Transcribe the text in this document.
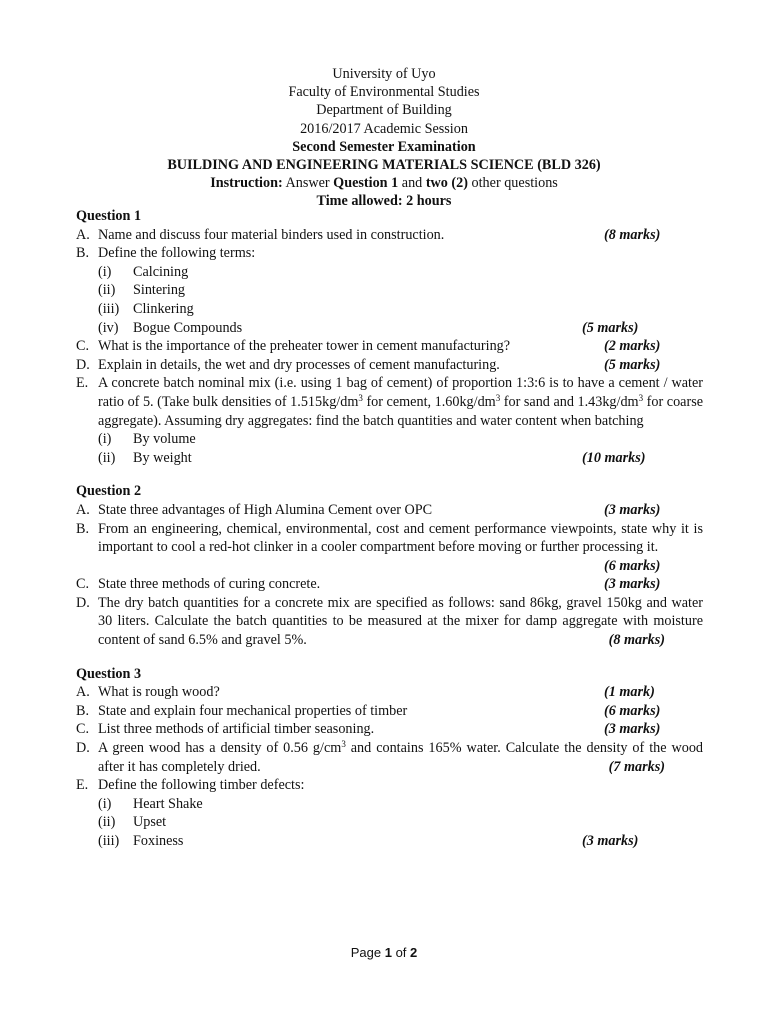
University of Uyo
Faculty of Environmental Studies
Department of Building
2016/2017 Academic Session
Second Semester Examination
BUILDING AND ENGINEERING MATERIALS SCIENCE (BLD 326)
Instruction: Answer Question 1 and two (2) other questions
Time allowed: 2 hours
Question 1
A. Name and discuss four material binders used in construction.	(8 marks)
B. Define the following terms:
(i)	Calcining
(ii)	Sintering
(iii) Clinkering
(iv)	Bogue Compounds	(5 marks)
C. What is the importance of the preheater tower in cement manufacturing?	(2 marks)
D. Explain in details, the wet and dry processes of cement manufacturing.	(5 marks)
E. A concrete batch nominal mix (i.e. using 1 bag of cement) of proportion 1:3:6 is to have a cement / water ratio of 5. (Take bulk densities of $1.515kg/dm^3$ for cement, $1.60kg/dm^3$ for sand and $1.43kg/dm^3$ for coarse aggregate). Assuming dry aggregates: find the batch quantities and water content when batching
(i)	By volume
(ii)	By weight	(10 marks)
Question 2
A. State three advantages of High Alumina Cement over OPC	(3 marks)
B. From an engineering, chemical, environmental, cost and cement performance viewpoints, state why it is important to cool a red-hot clinker in a cooler compartment before moving or further processing it.
(6 marks)
C. State three methods of curing concrete.	(3 marks)
D. The dry batch quantities for a concrete mix are specified as follows: sand 86kg, gravel 150kg and water 30 liters. Calculate the batch quantities to be measured at the mixer for damp aggregate with moisture content of sand 6.5% and gravel 5%.	(8 marks)
Question 3
A. What is rough wood?	(1 mark)
B. State and explain four mechanical properties of timber	(6 marks)
C. List three methods of artificial timber seasoning.	(3 marks)
D. A green wood has a density of 0.56 $g/cm^3$ and contains 165% water. Calculate the density of the wood after it has completely dried.	(7 marks)
E. Define the following timber defects:
(i)	Heart Shake
(ii)	Upset
(iii) Foxiness	(3 marks)
Page 1 of 2
